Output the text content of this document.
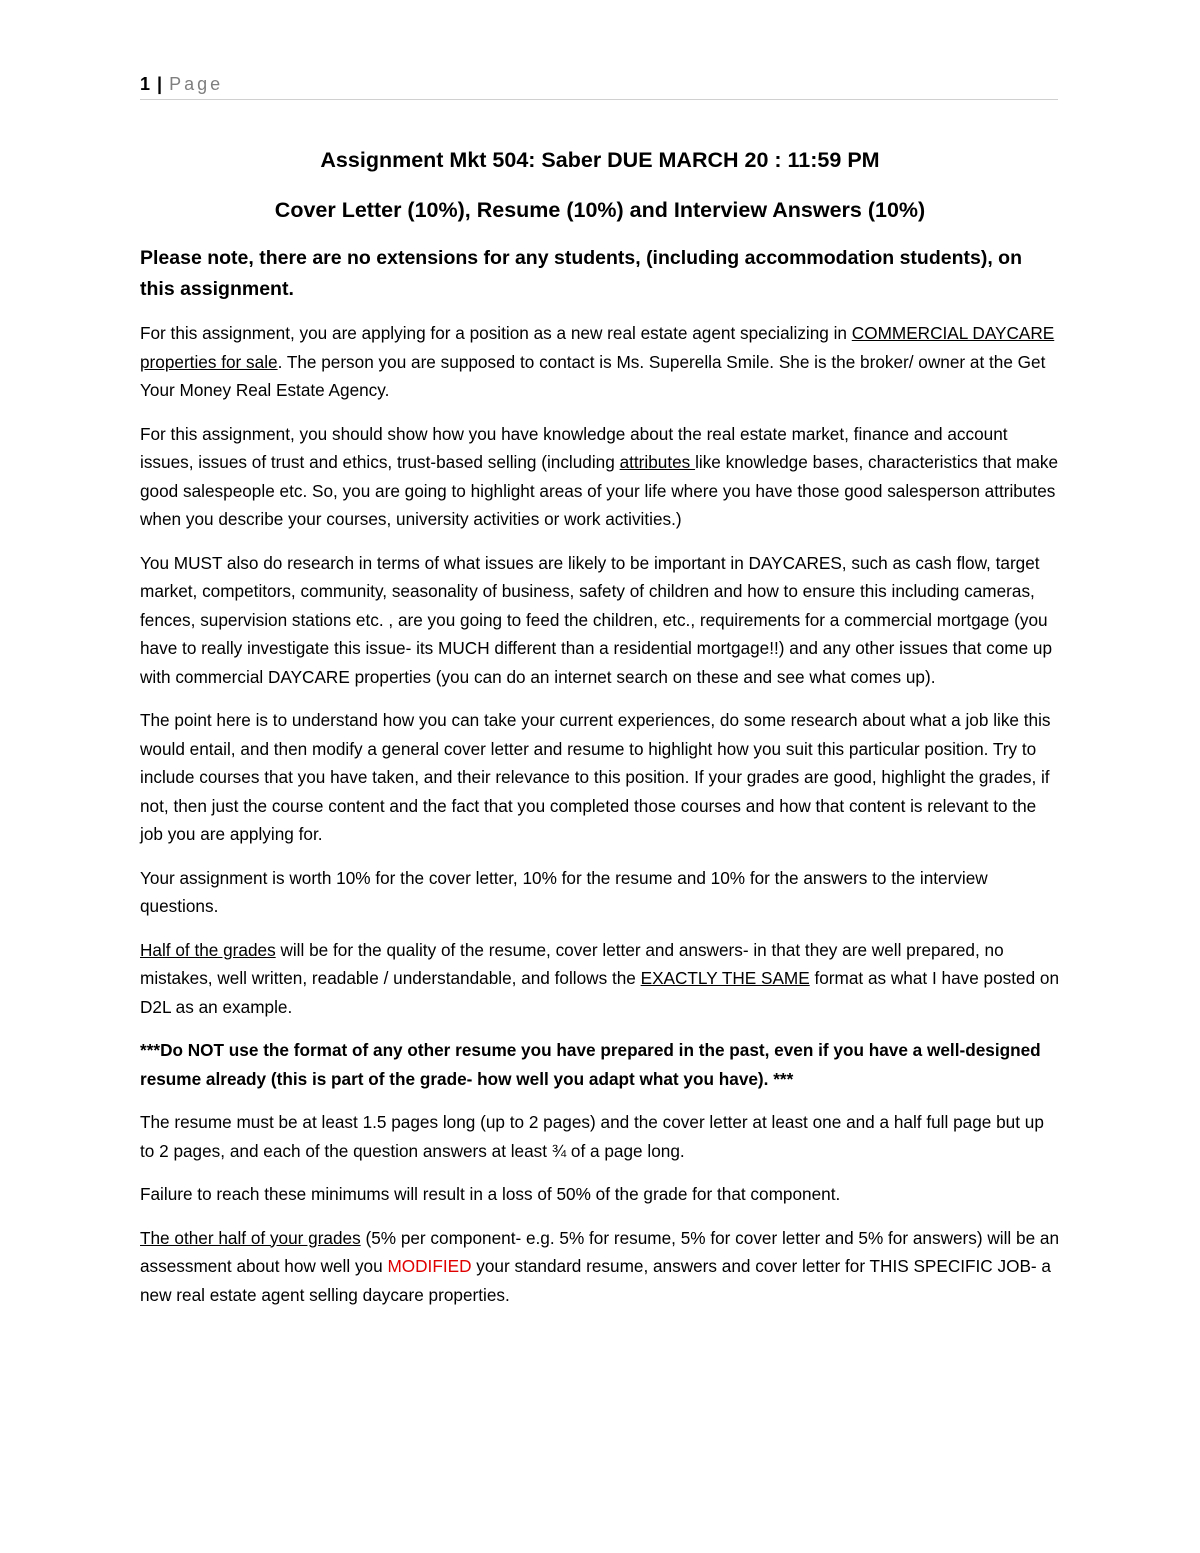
1 | Page
Assignment Mkt 504: Saber DUE MARCH 20 : 11:59 PM
Cover Letter (10%), Resume (10%) and Interview Answers (10%)
Please note, there are no extensions for any students, (including accommodation students), on this assignment.

For this assignment, you are applying for a position as a new real estate agent specializing in COMMERCIAL DAYCARE properties for sale. The person you are supposed to contact is Ms. Superella Smile. She is the broker/ owner at the Get Your Money Real Estate Agency.

For this assignment, you should show how you have knowledge about the real estate market, finance and account issues, issues of trust and ethics, trust-based selling (including attributes like knowledge bases, characteristics that make good salespeople etc. So, you are going to highlight areas of your life where you have those good salesperson attributes when you describe your courses, university activities or work activities.)

You MUST also do research in terms of what issues are likely to be important in DAYCARES, such as cash flow, target market, competitors, community, seasonality of business, safety of children and how to ensure this including cameras, fences, supervision stations etc. , are you going to feed the children, etc., requirements for a commercial mortgage (you have to really investigate this issue- its MUCH different than a residential mortgage!!) and any other issues that come up with commercial DAYCARE properties (you can do an internet search on these and see what comes up).

The point here is to understand how you can take your current experiences, do some research about what a job like this would entail, and then modify a general cover letter and resume to highlight how you suit this particular position. Try to include courses that you have taken, and their relevance to this position. If your grades are good, highlight the grades, if not, then just the course content and the fact that you completed those courses and how that content is relevant to the job you are applying for.

Your assignment is worth 10% for the cover letter, 10% for the resume and 10% for the answers to the interview questions.

Half of the grades will be for the quality of the resume, cover letter and answers- in that they are well prepared, no mistakes, well written, readable / understandable, and follows the EXACTLY THE SAME format as what I have posted on D2L as an example.

***Do NOT use the format of any other resume you have prepared in the past, even if you have a well-designed resume already (this is part of the grade- how well you adapt what you have). ***

The resume must be at least 1.5 pages long (up to 2 pages) and the cover letter at least one and a half full page but up to 2 pages, and each of the question answers at least ¾ of a page long.

Failure to reach these minimums will result in a loss of 50% of the grade for that component.

The other half of your grades (5% per component- e.g. 5% for resume, 5% for cover letter and 5% for answers) will be an assessment about how well you MODIFIED your standard resume, answers and cover letter for THIS SPECIFIC JOB- a new real estate agent selling daycare properties.
